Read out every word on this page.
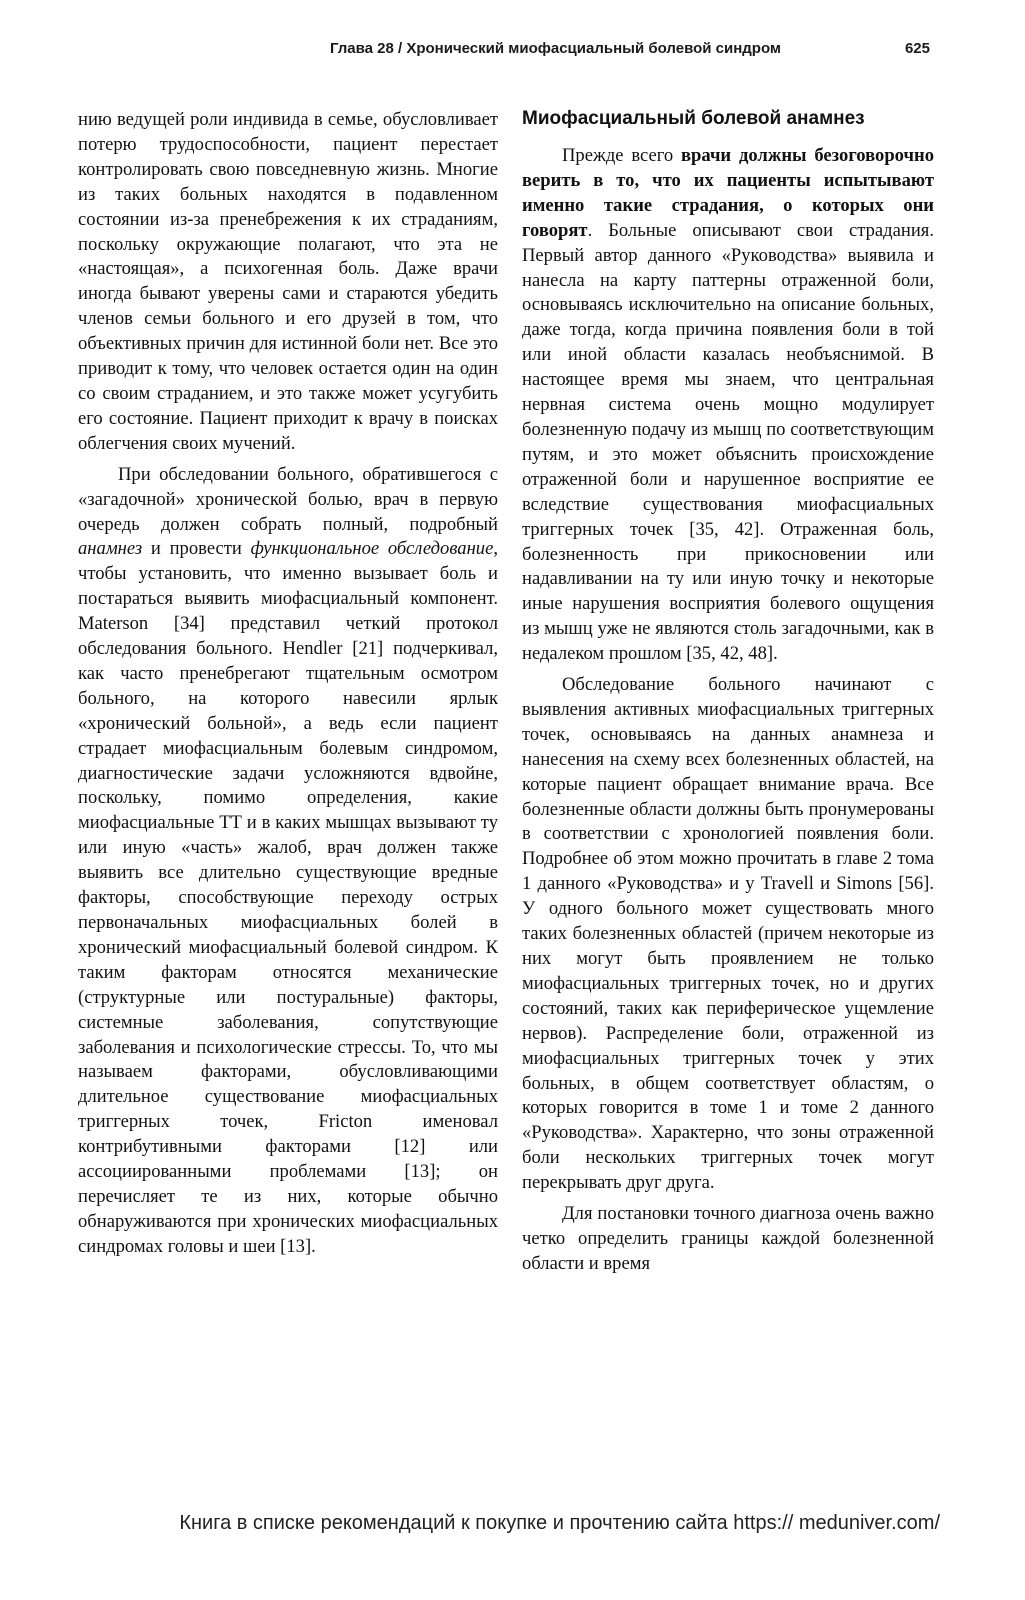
Глава 28 / Хронический миофасциальный болевой синдром	625

нию ведущей роли индивида в семье, обусловливает потерю трудоспособности, пациент перестает контролировать свою повседневную жизнь. Многие из таких больных находятся в подавленном состоянии из-за пренебрежения к их страданиям, поскольку окружающие полагают, что эта не «настоящая», а психогенная боль. Даже врачи иногда бывают уверены сами и стараются убедить членов семьи больного и его друзей в том, что объективных причин для истинной боли нет. Все это приводит к тому, что человек остается один на один со своим страданием, и это также может усугубить его состояние. Пациент приходит к врачу в поисках облегчения своих мучений.

При обследовании больного, обратившегося с «загадочной» хронической болью, врач в первую очередь должен собрать полный, подробный анамнез и провести функциональное обследование, чтобы установить, что именно вызывает боль и постараться выявить миофасциальный компонент. Materson [34] представил четкий протокол обследования больного. Hendler [21] подчеркивал, как часто пренебрегают тщательным осмотром больного, на которого навесили ярлык «хронический больной», а ведь если пациент страдает миофасциальным болевым синдромом, диагностические задачи усложняются вдвойне, поскольку, помимо определения, какие миофасциальные ТТ и в каких мышцах вызывают ту или иную «часть» жалоб, врач должен также выявить все длительно существующие вредные факторы, способствующие переходу острых первоначальных миофасциальных болей в хронический миофасциальный болевой синдром. К таким факторам относятся механические (структурные или постуральные) факторы, системные заболевания, сопутствующие заболевания и психологические стрессы. То, что мы называем факторами, обусловливающими длительное существование миофасциальных триггерных точек, Fricton именовал контрибутивными факторами [12] или ассоциированными проблемами [13]; он перечисляет те из них, которые обычно обнаруживаются при хронических миофасциальных синдромах головы и шеи [13].

Миофасциальный болевой анамнез

Прежде всего врачи должны безоговорочно верить в то, что их пациенты испытывают именно такие страдания, о которых они говорят. Больные описывают свои страдания. Первый автор данного «Руководства» выявила и нанесла на карту паттерны отраженной боли, основываясь исключительно на описание больных, даже тогда, когда причина появления боли в той или иной области казалась необъяснимой. В настоящее время мы знаем, что центральная нервная система очень мощно модулирует болезненную подачу из мышц по соответствующим путям, и это может объяснить происхождение отраженной боли и нарушенное восприятие ее вследствие существования миофасциальных триггерных точек [35, 42]. Отраженная боль, болезненность при прикосновении или надавливании на ту или иную точку и некоторые иные нарушения восприятия болевого ощущения из мышц уже не являются столь загадочными, как в недалеком прошлом [35, 42, 48].

Обследование больного начинают с выявления активных миофасциальных триггерных точек, основываясь на данных анамнеза и нанесения на схему всех болезненных областей, на которые пациент обращает внимание врача. Все болезненные области должны быть пронумерованы в соответствии с хронологией появления боли. Подробнее об этом можно прочитать в главе 2 тома 1 данного «Руководства» и у Travell и Simons [56]. У одного больного может существовать много таких болезненных областей (причем некоторые из них могут быть проявлением не только миофасциальных триггерных точек, но и других состояний, таких как периферическое ущемление нервов). Распределение боли, отраженной из миофасциальных триггерных точек у этих больных, в общем соответствует областям, о которых говорится в томе 1 и томе 2 данного «Руководства». Характерно, что зоны отраженной боли нескольких триггерных точек могут перекрывать друг друга.

Для постановки точного диагноза очень важно четко определить границы каждой болезненной области и время

Книга в списке рекомендаций к покупке и прочтению сайта https:// meduniver.com/
